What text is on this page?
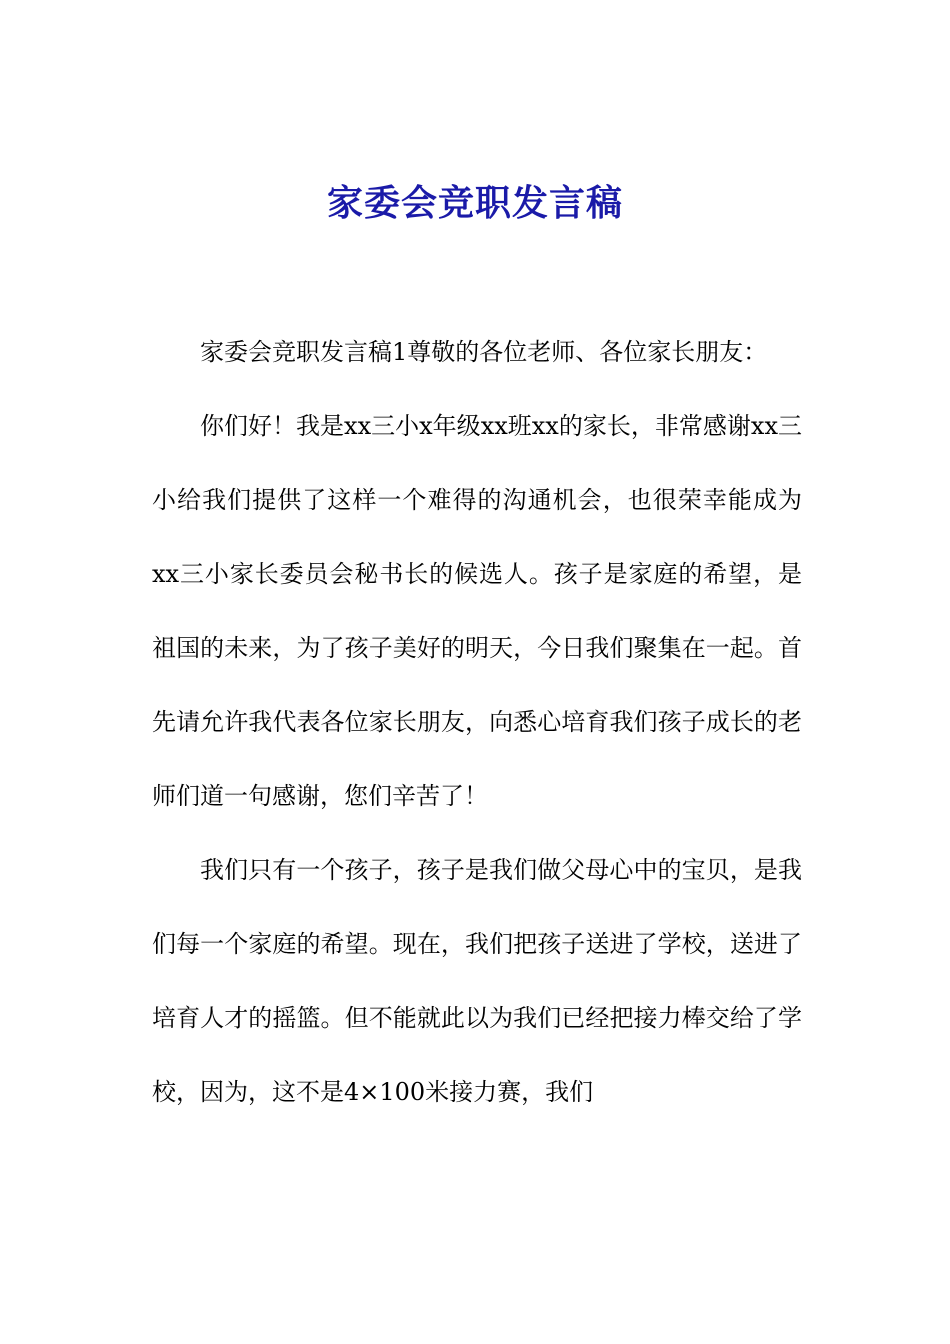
家委会竞职发言稿

家委会竞职发言稿1尊敬的各位老师、各位家长朋友：

你们好！我是xx三小x年级xx班xx的家长，非常感谢xx三小给我们提供了这样一个难得的沟通机会，也很荣幸能成为xx三小家长委员会秘书长的候选人。孩子是家庭的希望，是祖国的未来，为了孩子美好的明天，今日我们聚集在一起。首先请允许我代表各位家长朋友，向悉心培育我们孩子成长的老师们道一句感谢，您们辛苦了！

我们只有一个孩子，孩子是我们做父母心中的宝贝，是我们每一个家庭的希望。现在，我们把孩子送进了学校，送进了培育人才的摇篮。但不能就此以为我们已经把接力棒交给了学校，因为，这不是4×100米接力赛，我们
